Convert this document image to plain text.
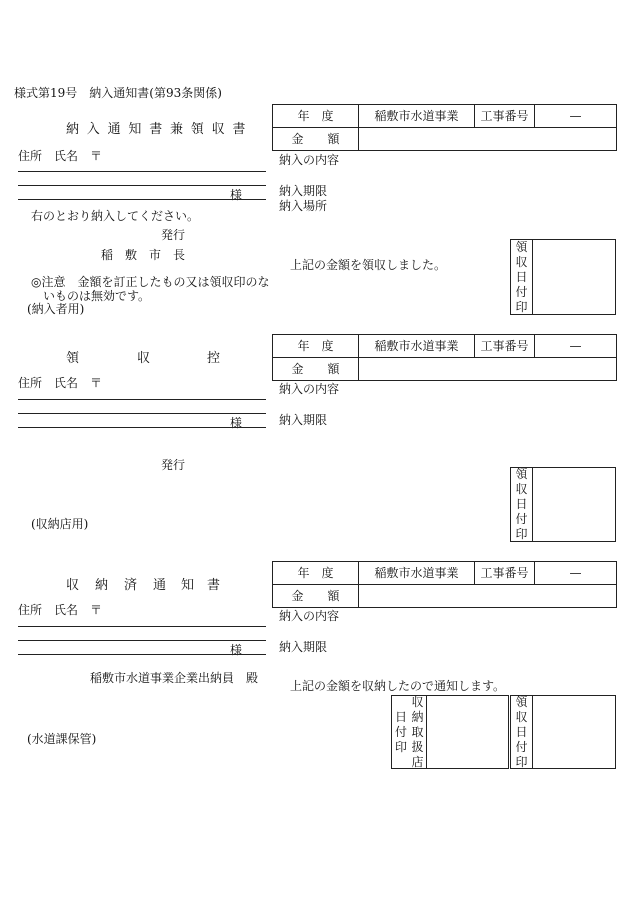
様式第19号　納入通知書(第93条関係)
納入通知書兼領収書
住所　氏名　〒
様
右のとおり納入してください。
発行
稲　敷　市　長
◎注意　金額を訂正したもの又は領収印のな
いものは無効です。
(納入者用)
年　度	稲敷市水道事業	工事番号	—
金　　額			
納入の内容
納入期限
納入場所
上記の金額を領収しました。
領
収
日
付
印
領	収	控
住所　氏名　〒
様
発行
(収納店用)
年　度	稲敷市水道事業	工事番号	—
金　　額			
納入の内容
納入期限
領
収
日
付
印
収 納 済 通 知 書
住所　氏名　〒
様
稲敷市水道事業企業出納員　殿
(水道課保管)
年　度	稲敷市水道事業	工事番号	—
金　　額			
納入の内容
納入期限
上記の金額を収納したので通知します。
日
付
印
収
納
取
扱
店
領
収
日
付
印
